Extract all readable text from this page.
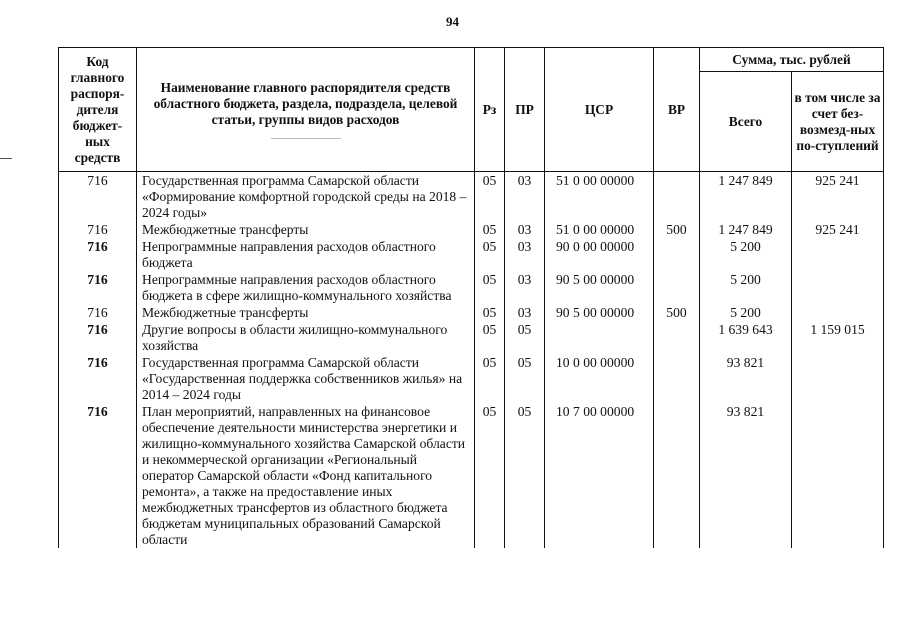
94
Код главного распоря-дителя бюджет-ных средств	Наименование главного распорядителя средств областного бюджета, раздела, подраздела, целевой статьи, группы видов расходов	Рз	ПР	ЦСР	ВР	Сумма, тыс. рублей	
						Всего	в том числе за счет без-возмезд-ных по-ступлений
716	Государственная программа Самарской области «Формирование комфортной городской среды на 2018 – 2024 годы»	05	03	51 0 00 00000		1 247 849	925 241
716	Межбюджетные трансферты	05	03	51 0 00 00000	500	1 247 849	925 241
716	Непрограммные направления расходов областного бюджета	05	03	90 0 00 00000		5 200	
716	Непрограммные направления расходов областного бюджета в сфере жилищно-коммунального хозяйства	05	03	90 5 00 00000		5 200	
716	Межбюджетные трансферты	05	03	90 5 00 00000	500	5 200	
716	Другие вопросы в области жилищно-коммунального хозяйства	05	05			1 639 643	1 159 015
716	Государственная программа Самарской области «Государственная поддержка собственников жилья» на 2014 – 2024 годы	05	05	10 0 00 00000		93 821	
716	План мероприятий, направленных на финансовое обеспечение деятельности министерства энергетики и жилищно-коммунального хозяйства Самарской области и некоммерческой организации «Региональный оператор Самарской области «Фонд капитального ремонта», а также на предоставление иных межбюджетных трансфертов из областного бюджета бюджетам муниципальных образований Самарской области	05	05	10 7 00 00000		93 821	
